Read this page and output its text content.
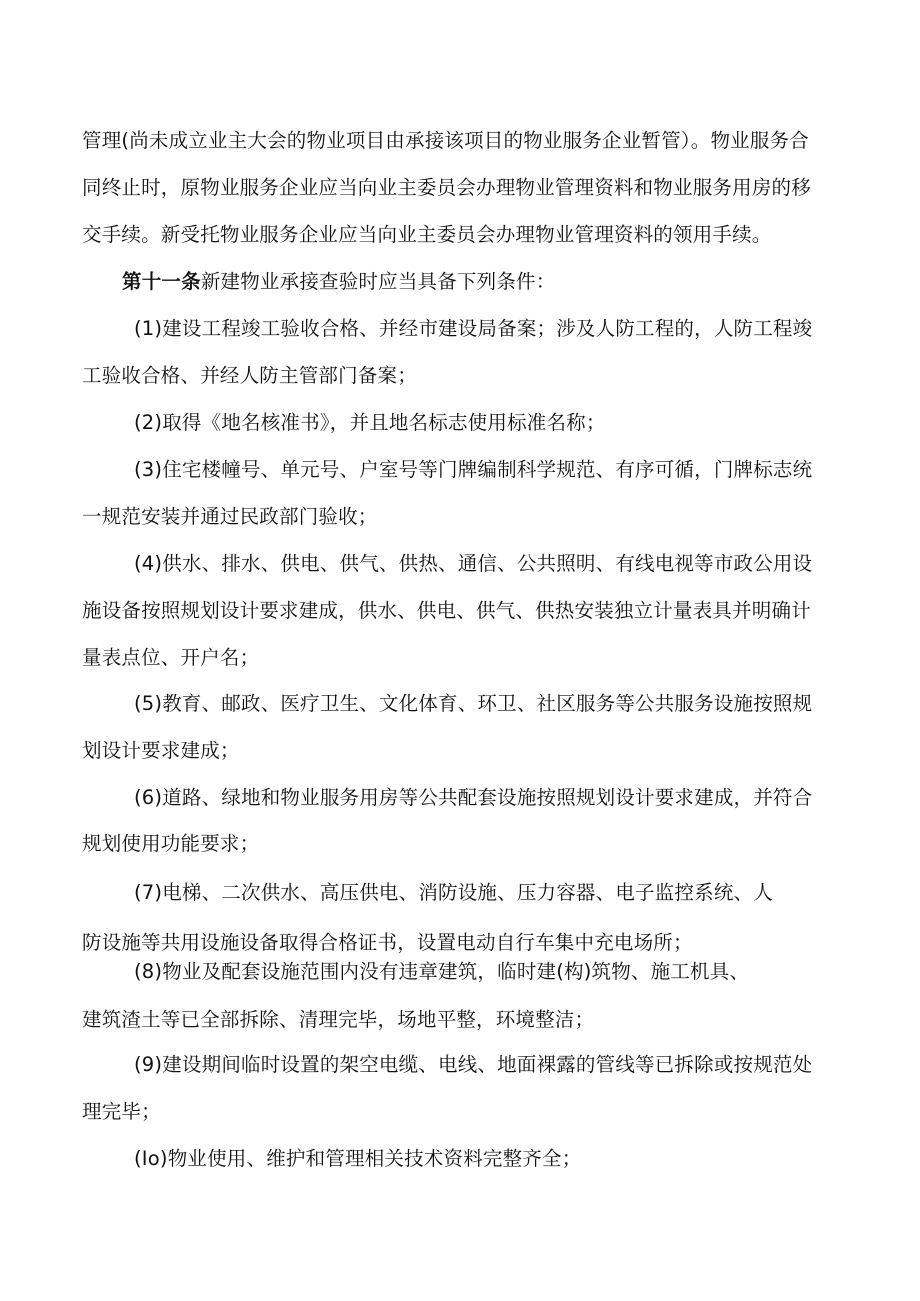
管理(尚未成立业主大会的物业项目由承接该项目的物业服务企业暂管）。物业服务合
同终止时，原物业服务企业应当向业主委员会办理物业管理资料和物业服务用房的移
交手续。新受托物业服务企业应当向业主委员会办理物业管理资料的领用手续。
第十一条新建物业承接查验时应当具备下列条件：
(1)建设工程竣工验收合格、并经市建设局备案；涉及人防工程的，人防工程竣
工验收合格、并经人防主管部门备案；
(2)取得《地名核准书》，并且地名标志使用标准名称；
(3)住宅楼幢号、单元号、户室号等门牌编制科学规范、有序可循，门牌标志统
一规范安装并通过民政部门验收；
(4)供水、排水、供电、供气、供热、通信、公共照明、有线电视等市政公用设
施设备按照规划设计要求建成，供水、供电、供气、供热安装独立计量表具并明确计
量表点位、开户名；
(5)教育、邮政、医疗卫生、文化体育、环卫、社区服务等公共服务设施按照规
划设计要求建成；
(6)道路、绿地和物业服务用房等公共配套设施按照规划设计要求建成，并符合
规划使用功能要求；
(7)电梯、二次供水、高压供电、消防设施、压力容器、电子监控系统、人
防设施等共用设施设备取得合格证书，设置电动自行车集中充电场所；
(8)物业及配套设施范围内没有违章建筑，临时建(构)筑物、施工机具、
建筑渣土等已全部拆除、清理完毕，场地平整，环境整洁；
(9)建设期间临时设置的架空电缆、电线、地面裸露的管线等已拆除或按规范处
理完毕；
(Io)物业使用、维护和管理相关技术资料完整齐全；
